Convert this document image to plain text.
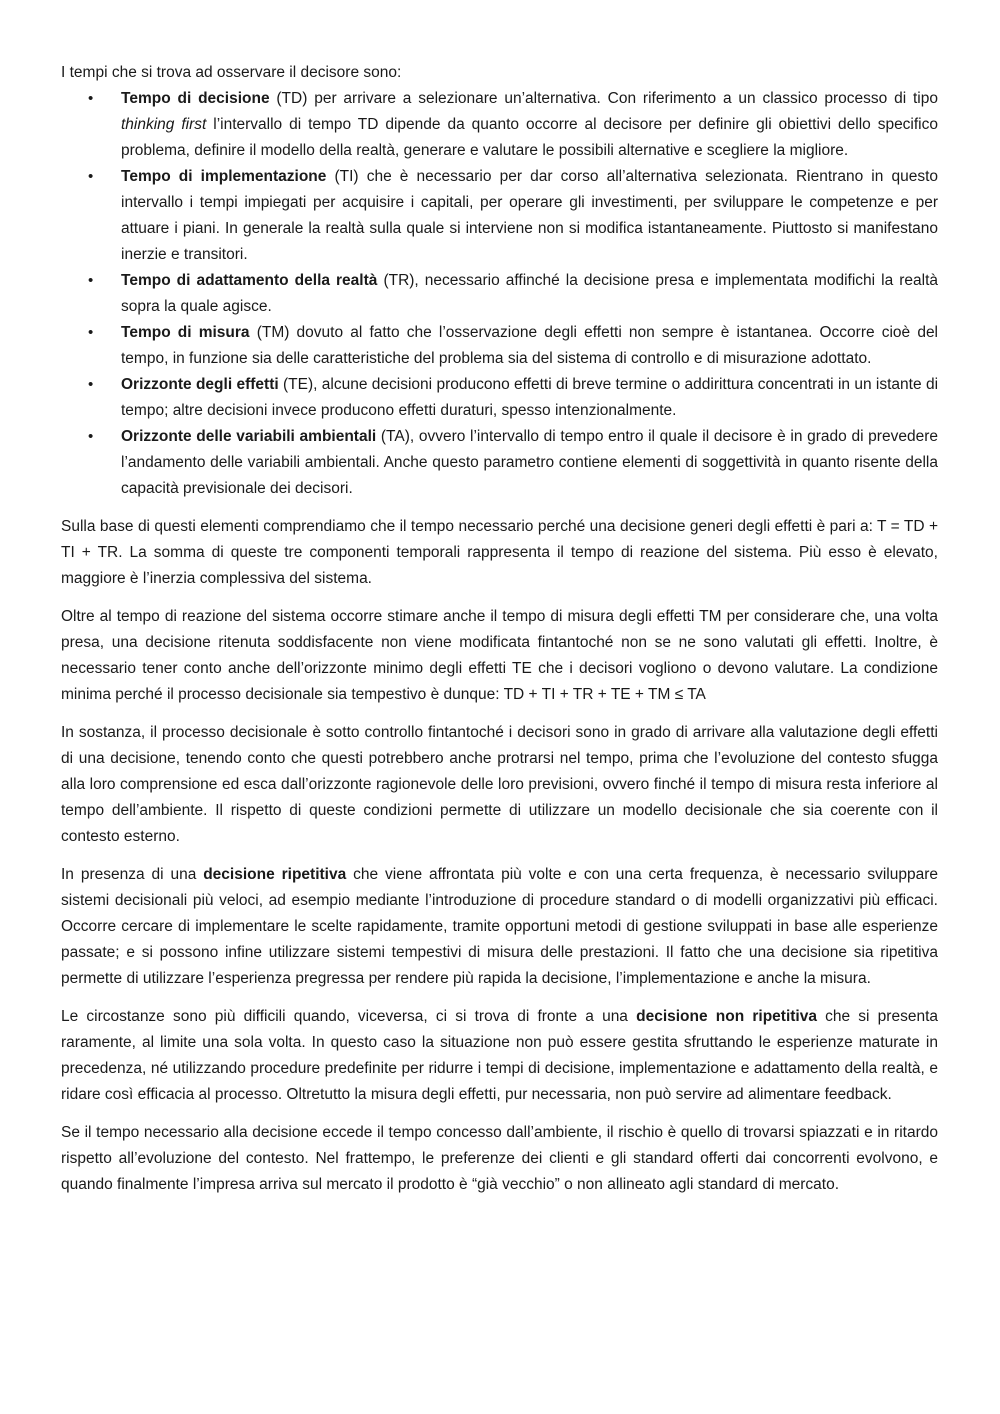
I tempi che si trova ad osservare il decisore sono:

• Tempo di decisione (TD) per arrivare a selezionare un’alternativa. Con riferimento a un classico processo di tipo thinking first l’intervallo di tempo TD dipende da quanto occorre al decisore per definire gli obiettivi dello specifico problema, definire il modello della realtà, generare e valutare le possibili alternative e scegliere la migliore.
• Tempo di implementazione (TI) che è necessario per dar corso all’alternativa selezionata. Rientrano in questo intervallo i tempi impiegati per acquisire i capitali, per operare gli investimenti, per sviluppare le competenze e per attuare i piani. In generale la realtà sulla quale si interviene non si modifica istantaneamente. Piuttosto si manifestano inerzie e transitori.
• Tempo di adattamento della realtà (TR), necessario affinché la decisione presa e implementata modifichi la realtà sopra la quale agisce.
• Tempo di misura (TM) dovuto al fatto che l’osservazione degli effetti non sempre è istantanea. Occorre cioè del tempo, in funzione sia delle caratteristiche del problema sia del sistema di controllo e di misurazione adottato.
• Orizzonte degli effetti (TE), alcune decisioni producono effetti di breve termine o addirittura concentrati in un istante di tempo; altre decisioni invece producono effetti duraturi, spesso intenzionalmente.
• Orizzonte delle variabili ambientali (TA), ovvero l’intervallo di tempo entro il quale il decisore è in grado di prevedere l’andamento delle variabili ambientali. Anche questo parametro contiene elementi di soggettività in quanto risente della capacità previsionale dei decisori.

Sulla base di questi elementi comprendiamo che il tempo necessario perché una decisione generi degli effetti è pari a: T = TD + TI + TR. La somma di queste tre componenti temporali rappresenta il tempo di reazione del sistema. Più esso è elevato, maggiore è l’inerzia complessiva del sistema.

Oltre al tempo di reazione del sistema occorre stimare anche il tempo di misura degli effetti TM per considerare che, una volta presa, una decisione ritenuta soddisfacente non viene modificata fintantoché non se ne sono valutati gli effetti. Inoltre, è necessario tener conto anche dell’orizzonte minimo degli effetti TE che i decisori vogliono o devono valutare. La condizione minima perché il processo decisionale sia tempestivo è dunque: TD + TI + TR + TE + TM ≤ TA

In sostanza, il processo decisionale è sotto controllo fintantoché i decisori sono in grado di arrivare alla valutazione degli effetti di una decisione, tenendo conto che questi potrebbero anche protrarsi nel tempo, prima che l’evoluzione del contesto sfugga alla loro comprensione ed esca dall’orizzonte ragionevole delle loro previsioni, ovvero finché il tempo di misura resta inferiore al tempo dell’ambiente. Il rispetto di queste condizioni permette di utilizzare un modello decisionale che sia coerente con il contesto esterno.

In presenza di una decisione ripetitiva che viene affrontata più volte e con una certa frequenza, è necessario sviluppare sistemi decisionali più veloci, ad esempio mediante l’introduzione di procedure standard o di modelli organizzativi più efficaci. Occorre cercare di implementare le scelte rapidamente, tramite opportuni metodi di gestione sviluppati in base alle esperienze passate; e si possono infine utilizzare sistemi tempestivi di misura delle prestazioni. Il fatto che una decisione sia ripetitiva permette di utilizzare l’esperienza pregressa per rendere più rapida la decisione, l’implementazione e anche la misura.

Le circostanze sono più difficili quando, viceversa, ci si trova di fronte a una decisione non ripetitiva che si presenta raramente, al limite una sola volta. In questo caso la situazione non può essere gestita sfruttando le esperienze maturate in precedenza, né utilizzando procedure predefinite per ridurre i tempi di decisione, implementazione e adattamento della realtà, e ridare così efficacia al processo. Oltretutto la misura degli effetti, pur necessaria, non può servire ad alimentare feedback.

Se il tempo necessario alla decisione eccede il tempo concesso dall’ambiente, il rischio è quello di trovarsi spiazzati e in ritardo rispetto all’evoluzione del contesto. Nel frattempo, le preferenze dei clienti e gli standard offerti dai concorrenti evolvono, e quando finalmente l’impresa arriva sul mercato il prodotto è “già vecchio” o non allineato agli standard di mercato.
